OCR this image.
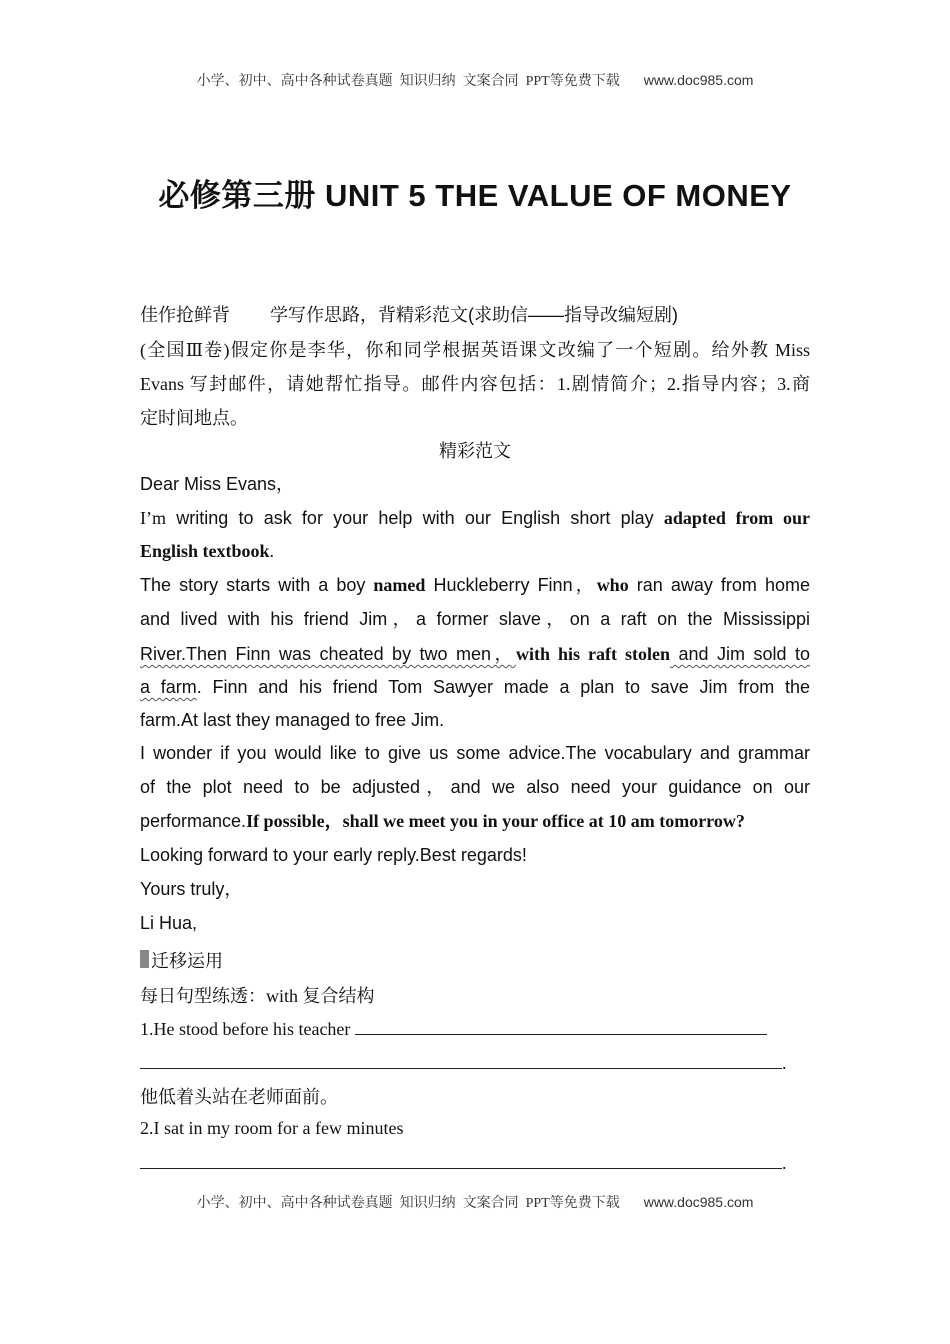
小学、初中、高中各种试卷真题  知识归纳  文案合同  PPT等免费下载 www.doc985.com
必修第三册 UNIT 5 THE VALUE OF MONEY
佳作抢鲜背 学写作思路，背精彩范文(求助信——指导改编短剧)
(全国Ⅲ卷)假定你是李华，你和同学根据英语课文改编了一个短剧。给外教 Miss
Evans 写封邮件，请她帮忙指导。邮件内容包括：1.剧情简介；2.指导内容；3.商
定时间地点。
精彩范文
Dear Miss Evans，
I’m writing to ask for your help with our English short play adapted from our
English textbook.
The story starts with a boy named Huckleberry Finn，who ran away from home
and lived with his friend Jim，a former slave，on a raft on the Mississippi
River.Then Finn was cheated by two men，with his raft stolen and Jim sold to
a farm. Finn and his friend Tom Sawyer made a plan to save Jim from the
farm.At last they managed to free Jim.
I wonder if you would like to give us some advice.The vocabulary and grammar
of the plot need to be adjusted，and we also need your guidance on our
performance.If possible，shall we meet you in your office at 10 am tomorrow?
Looking forward to your early reply.Best regards!
Yours truly，
Li Hua,
迁移运用
每日句型练透：with 复合结构
1.He stood before his teacher
.
他低着头站在老师面前。
2.I sat in my room for a few minutes
.
小学、初中、高中各种试卷真题  知识归纳  文案合同  PPT等免费下载 www.doc985.com
